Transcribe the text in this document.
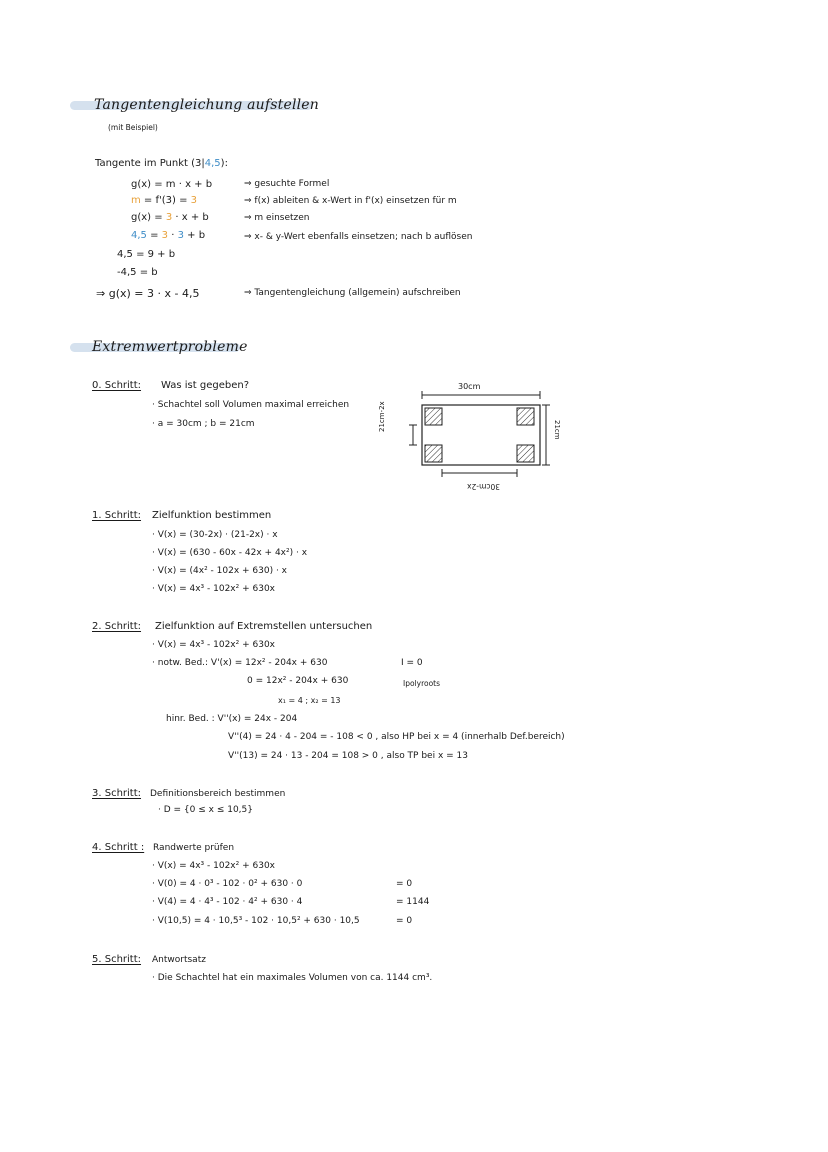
Tangentengleichung aufstellen
(mit Beispiel)
Tangente im Punkt (3|4,5):
g(x) = m · x + b	⇒ gesuchte Formel
m = f'(3) = 3	⇒ f(x) ableiten & x-Wert in f'(x) einsetzen für m
g(x) = 3 · x + b	⇒ m einsetzen
4,5 = 3 · 3 + b	⇒ x- & y-Wert ebenfalls einsetzen; nach b auflösen
4,5 = 9 + b
-4,5 = b
⇒ g(x) = 3 · x - 4,5	⇒ Tangentengleichung (allgemein) aufschreiben
Extremwertprobleme
0. Schritt: Was ist gegeben?
· Schachtel soll Volumen maximal erreichen
· a = 30cm ; b = 21cm
30cm
21cm-2x	21cm
30cm-2x
1. Schritt: Zielfunktion bestimmen
· V(x) = (30-2x) · (21-2x) · x
· V(x) = (630 - 60x - 42x + 4x²) · x
· V(x) = (4x² - 102x + 630) · x
· V(x) = 4x³ - 102x² + 630x
2. Schritt: Zielfunktion auf Extremstellen untersuchen
· V(x) = 4x³ - 102x² + 630x
· notw. Bed.: V'(x) = 12x² - 204x + 630	I = 0
0 = 12x² - 204x + 630	Ipolyroots
x₁ = 4 ; x₂ = 13
hinr. Bed. : V''(x) = 24x - 204
V''(4) = 24 · 4 - 204 = - 108 < 0 , also HP bei x = 4 (innerhalb Def.bereich)
V''(13) = 24 · 13 - 204 = 108 > 0 , also TP bei x = 13
3. Schritt: Definitionsbereich bestimmen
· D = {0 ≤ x ≤ 10,5}
4. Schritt : Randwerte prüfen
· V(x) = 4x³ - 102x² + 630x
· V(0) = 4 · 0³ - 102 · 0² + 630 · 0	= 0
· V(4) = 4 · 4³ - 102 · 4² + 630 · 4	= 1144
· V(10,5) = 4 · 10,5³ - 102 · 10,5² + 630 · 10,5	= 0
5. Schritt: Antwortsatz
· Die Schachtel hat ein maximales Volumen von ca. 1144 cm³.
